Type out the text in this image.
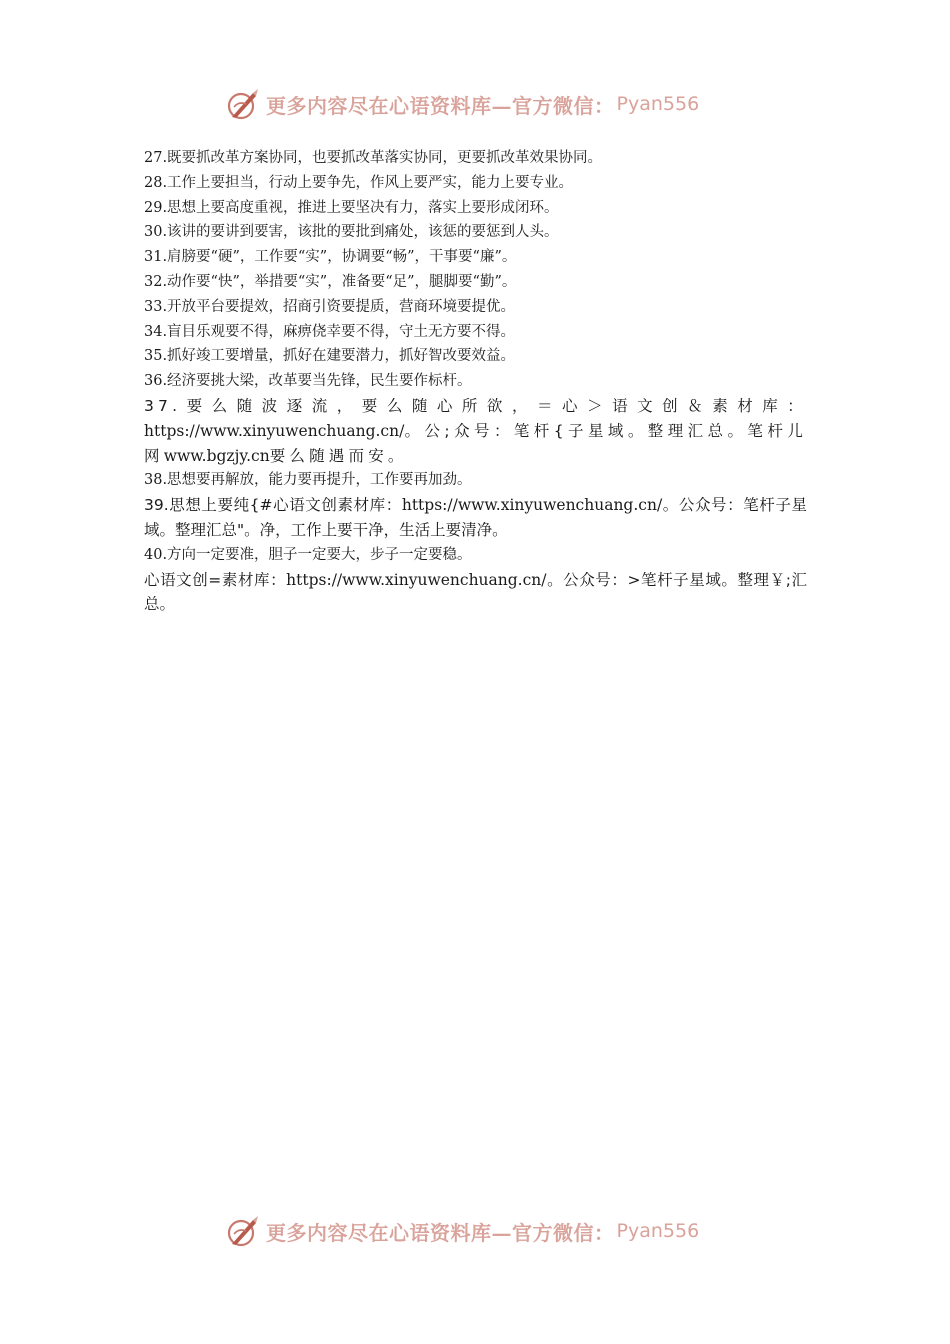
更多内容尽在心语资料库—官方微信： Pyan556
27.既要抓改革方案协同，也要抓改革落实协同，更要抓改革效果协同。
28.工作上要担当，行动上要争先，作风上要严实，能力上要专业。
29.思想上要高度重视，推进上要坚决有力，落实上要形成闭环。
30.该讲的要讲到要害，该批的要批到痛处，该惩的要惩到人头。
31.肩膀要“硬”，工作要“实”，协调要“畅”，干事要“廉”。
32.动作要“快”，举措要“实”，准备要“足”，腿脚要“勤”。
33.开放平台要提效，招商引资要提质，营商环境要提优。
34.盲目乐观要不得，麻痹侥幸要不得，守土无方要不得。
35.抓好竣工要增量，抓好在建要潜力，抓好智改要效益。
36.经济要挑大梁，改革要当先锋，民生要作标杆。
37.要么随波逐流，要么随心所欲，＝心＞语文创＆素材库：https://www.xinyuwenchuang.cn/。公;众号：笔杆{子星域。整理汇总。笔杆儿网www.bgzjy.cn要么随遇而安。
38.思想要再解放，能力要再提升，工作要再加劲。
39.思想上要纯{#心语文创素材库：https://www.xinyuwenchuang.cn/。公众号：笔杆子星域。整理汇总"。净，工作上要干净，生活上要清净。
40.方向一定要准，胆子一定要大，步子一定要稳。
心语文创=素材库：https://www.xinyuwenchuang.cn/。公众号：>笔杆子星域。整理￥;汇总。
更多内容尽在心语资料库—官方微信： Pyan556
